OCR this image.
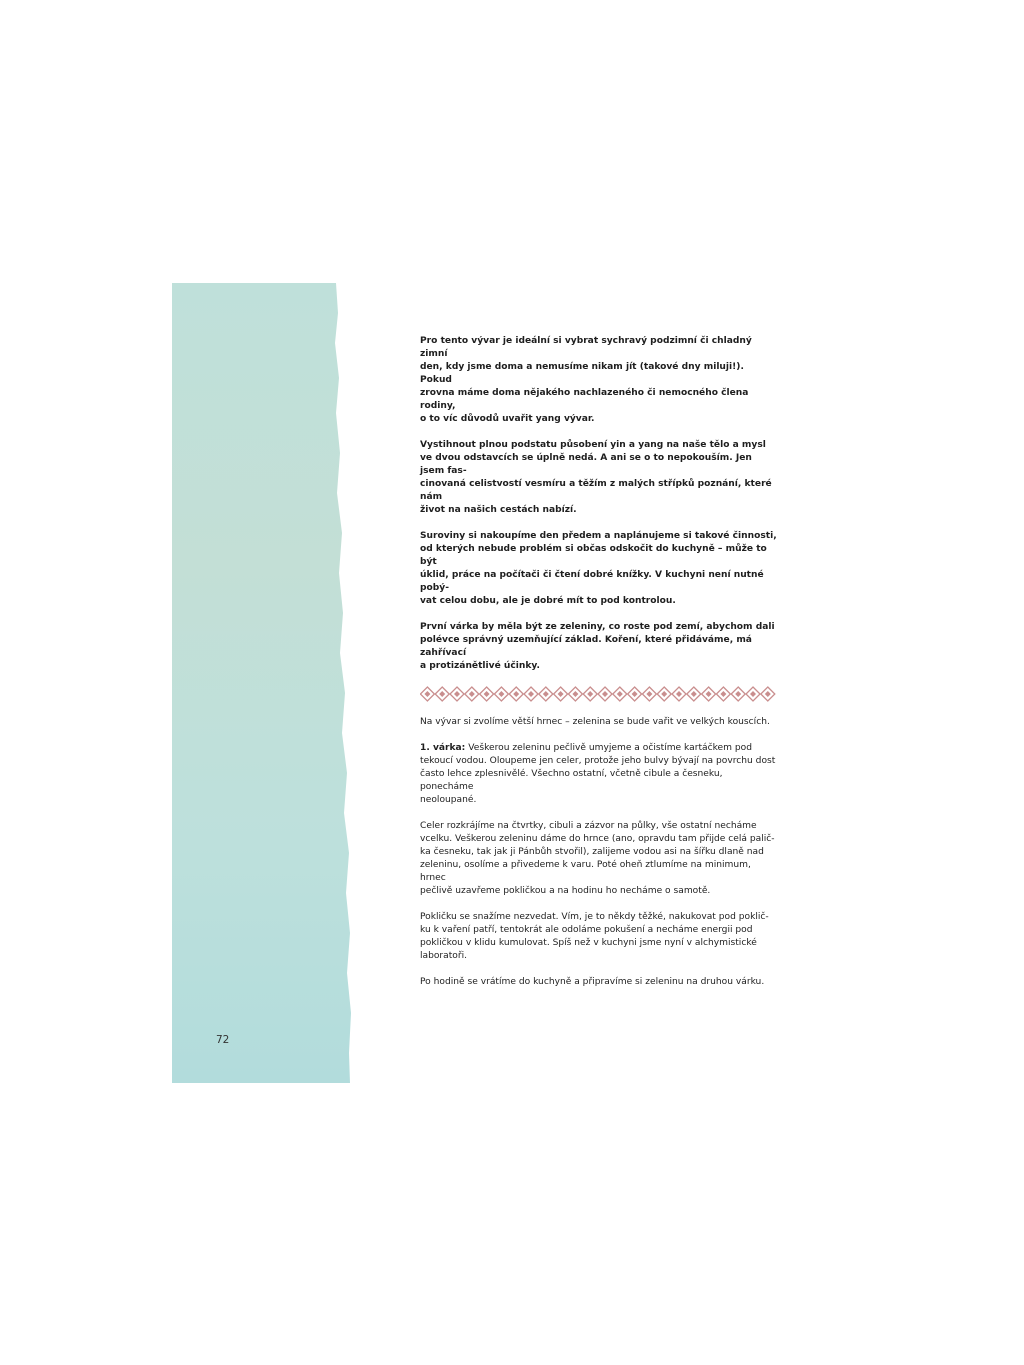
72

Pro tento vývar je ideální si vybrat sychravý podzimní či chladný zimní
den, kdy jsme doma a nemusíme nikam jít (takové dny miluji!). Pokud
zrovna máme doma nějakého nachlazeného či nemocného člena rodiny,
o to víc důvodů uvařit yang vývar.

Vystihnout plnou podstatu působení yin a yang na naše tělo a mysl
ve dvou odstavcích se úplně nedá. A ani se o to nepokouším. Jen jsem fas-
cinovaná celistvostí vesmíru a těžím z malých střípků poznání, které nám
život na našich cestách nabízí.

Suroviny si nakoupíme den předem a naplánujeme si takové činnosti,
od kterých nebude problém si občas odskočit do kuchyně – může to být
úklid, práce na počítači či čtení dobré knížky. V kuchyni není nutné pobý-
vat celou dobu, ale je dobré mít to pod kontrolou.

První várka by měla být ze zeleniny, co roste pod zemí, abychom dali
polévce správný uzemňující základ. Koření, které přidáváme, má zahřívací
a protizánětlivé účinky.

Na vývar si zvolíme větší hrnec – zelenina se bude vařit ve velkých kouscích.

1. várka: Veškerou zeleninu pečlivě umyjeme a očistíme kartáčkem pod
tekoucí vodou. Oloupeme jen celer, protože jeho bulvy bývají na povrchu dost
často lehce zplesnivělé. Všechno ostatní, včetně cibule a česneku, ponecháme
neoloupané.

Celer rozkrájíme na čtvrtky, cibuli a zázvor na půlky, vše ostatní necháme
vcelku. Veškerou zeleninu dáme do hrnce (ano, opravdu tam přijde celá palič-
ka česneku, tak jak ji Pánbůh stvořil), zalijeme vodou asi na šířku dlaně nad
zeleninu, osolíme a přivedeme k varu. Poté oheň ztlumíme na minimum, hrnec
pečlivě uzavřeme pokličkou a na hodinu ho necháme o samotě.

Pokličku se snažíme nezvedat. Vím, je to někdy těžké, nakukovat pod poklič-
ku k vaření patří, tentokrát ale odoláme pokušení a necháme energii pod
pokličkou v klidu kumulovat. Spíš než v kuchyni jsme nyní v alchymistické
laboratoři.

Po hodině se vrátíme do kuchyně a připravíme si zeleninu na druhou várku.
